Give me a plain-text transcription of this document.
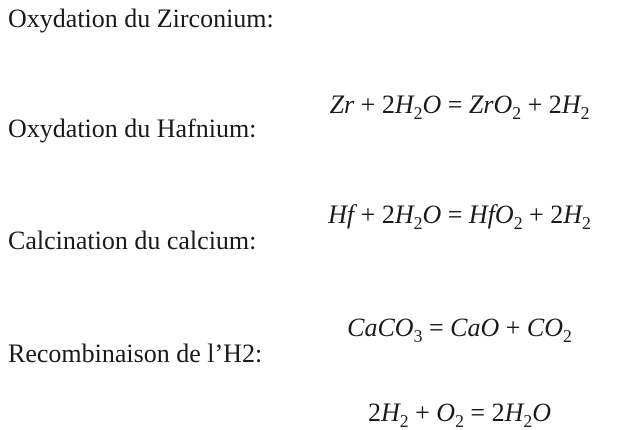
Oxydation du Zirconium:

$Zr + 2H_2O = ZrO_2 + 2H_2$

Oxydation du Hafnium:

$Hf + 2H_2O = HfO_2 + 2H_2$

Calcination du calcium:

CaCO$_3$ = CaO + $CO_2$

Recombinaison de l’H2:

$2H_2 + O_2 = 2H_2O$
